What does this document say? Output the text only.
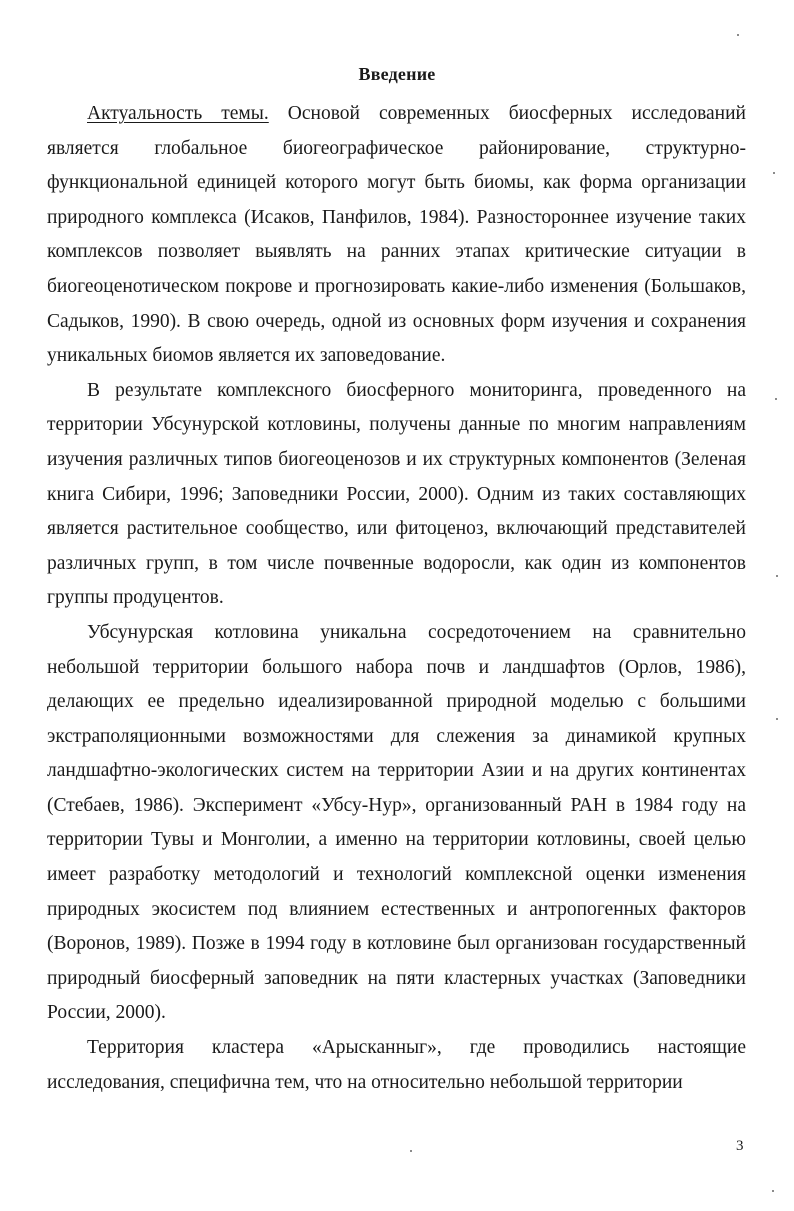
Введение

Актуальность темы. Основой современных биосферных исследований является глобальное биогеографическое районирование, структурно-функциональной единицей которого могут быть биомы, как форма организации природного комплекса (Исаков, Панфилов, 1984). Разностороннее изучение таких комплексов позволяет выявлять на ранних этапах критические ситуации в биогеоценотическом покрове и прогнозировать какие-либо изменения (Большаков, Садыков, 1990). В свою очередь, одной из основных форм изучения и сохранения уникальных биомов является их заповедование.

В результате комплексного биосферного мониторинга, проведенного на территории Убсунурской котловины, получены данные по многим направлениям изучения различных типов биогеоценозов и их структурных компонентов (Зеленая книга Сибири, 1996; Заповедники России, 2000). Одним из таких составляющих является растительное сообщество, или фитоценоз, включающий представителей различных групп, в том числе почвенные водоросли, как один из компонентов группы продуцентов.

Убсунурская котловина уникальна сосредоточением на сравнительно небольшой территории большого набора почв и ландшафтов (Орлов, 1986), делающих ее предельно идеализированной природной моделью с большими экстраполяционными возможностями для слежения за динамикой крупных ландшафтно-экологических систем на территории Азии и на других континентах (Стебаев, 1986). Эксперимент «Убсу-Нур», организованный РАН в 1984 году на территории Тувы и Монголии, а именно на территории котловины, своей целью имеет разработку методологий и технологий комплексной оценки изменения природных экосистем под влиянием естественных и антропогенных факторов (Воронов, 1989). Позже в 1994 году в котловине был организован государственный природный биосферный заповедник на пяти кластерных участках (Заповедники России, 2000).

Территория кластера «Арысканныг», где проводились настоящие исследования, специфична тем, что на относительно небольшой территории

3
